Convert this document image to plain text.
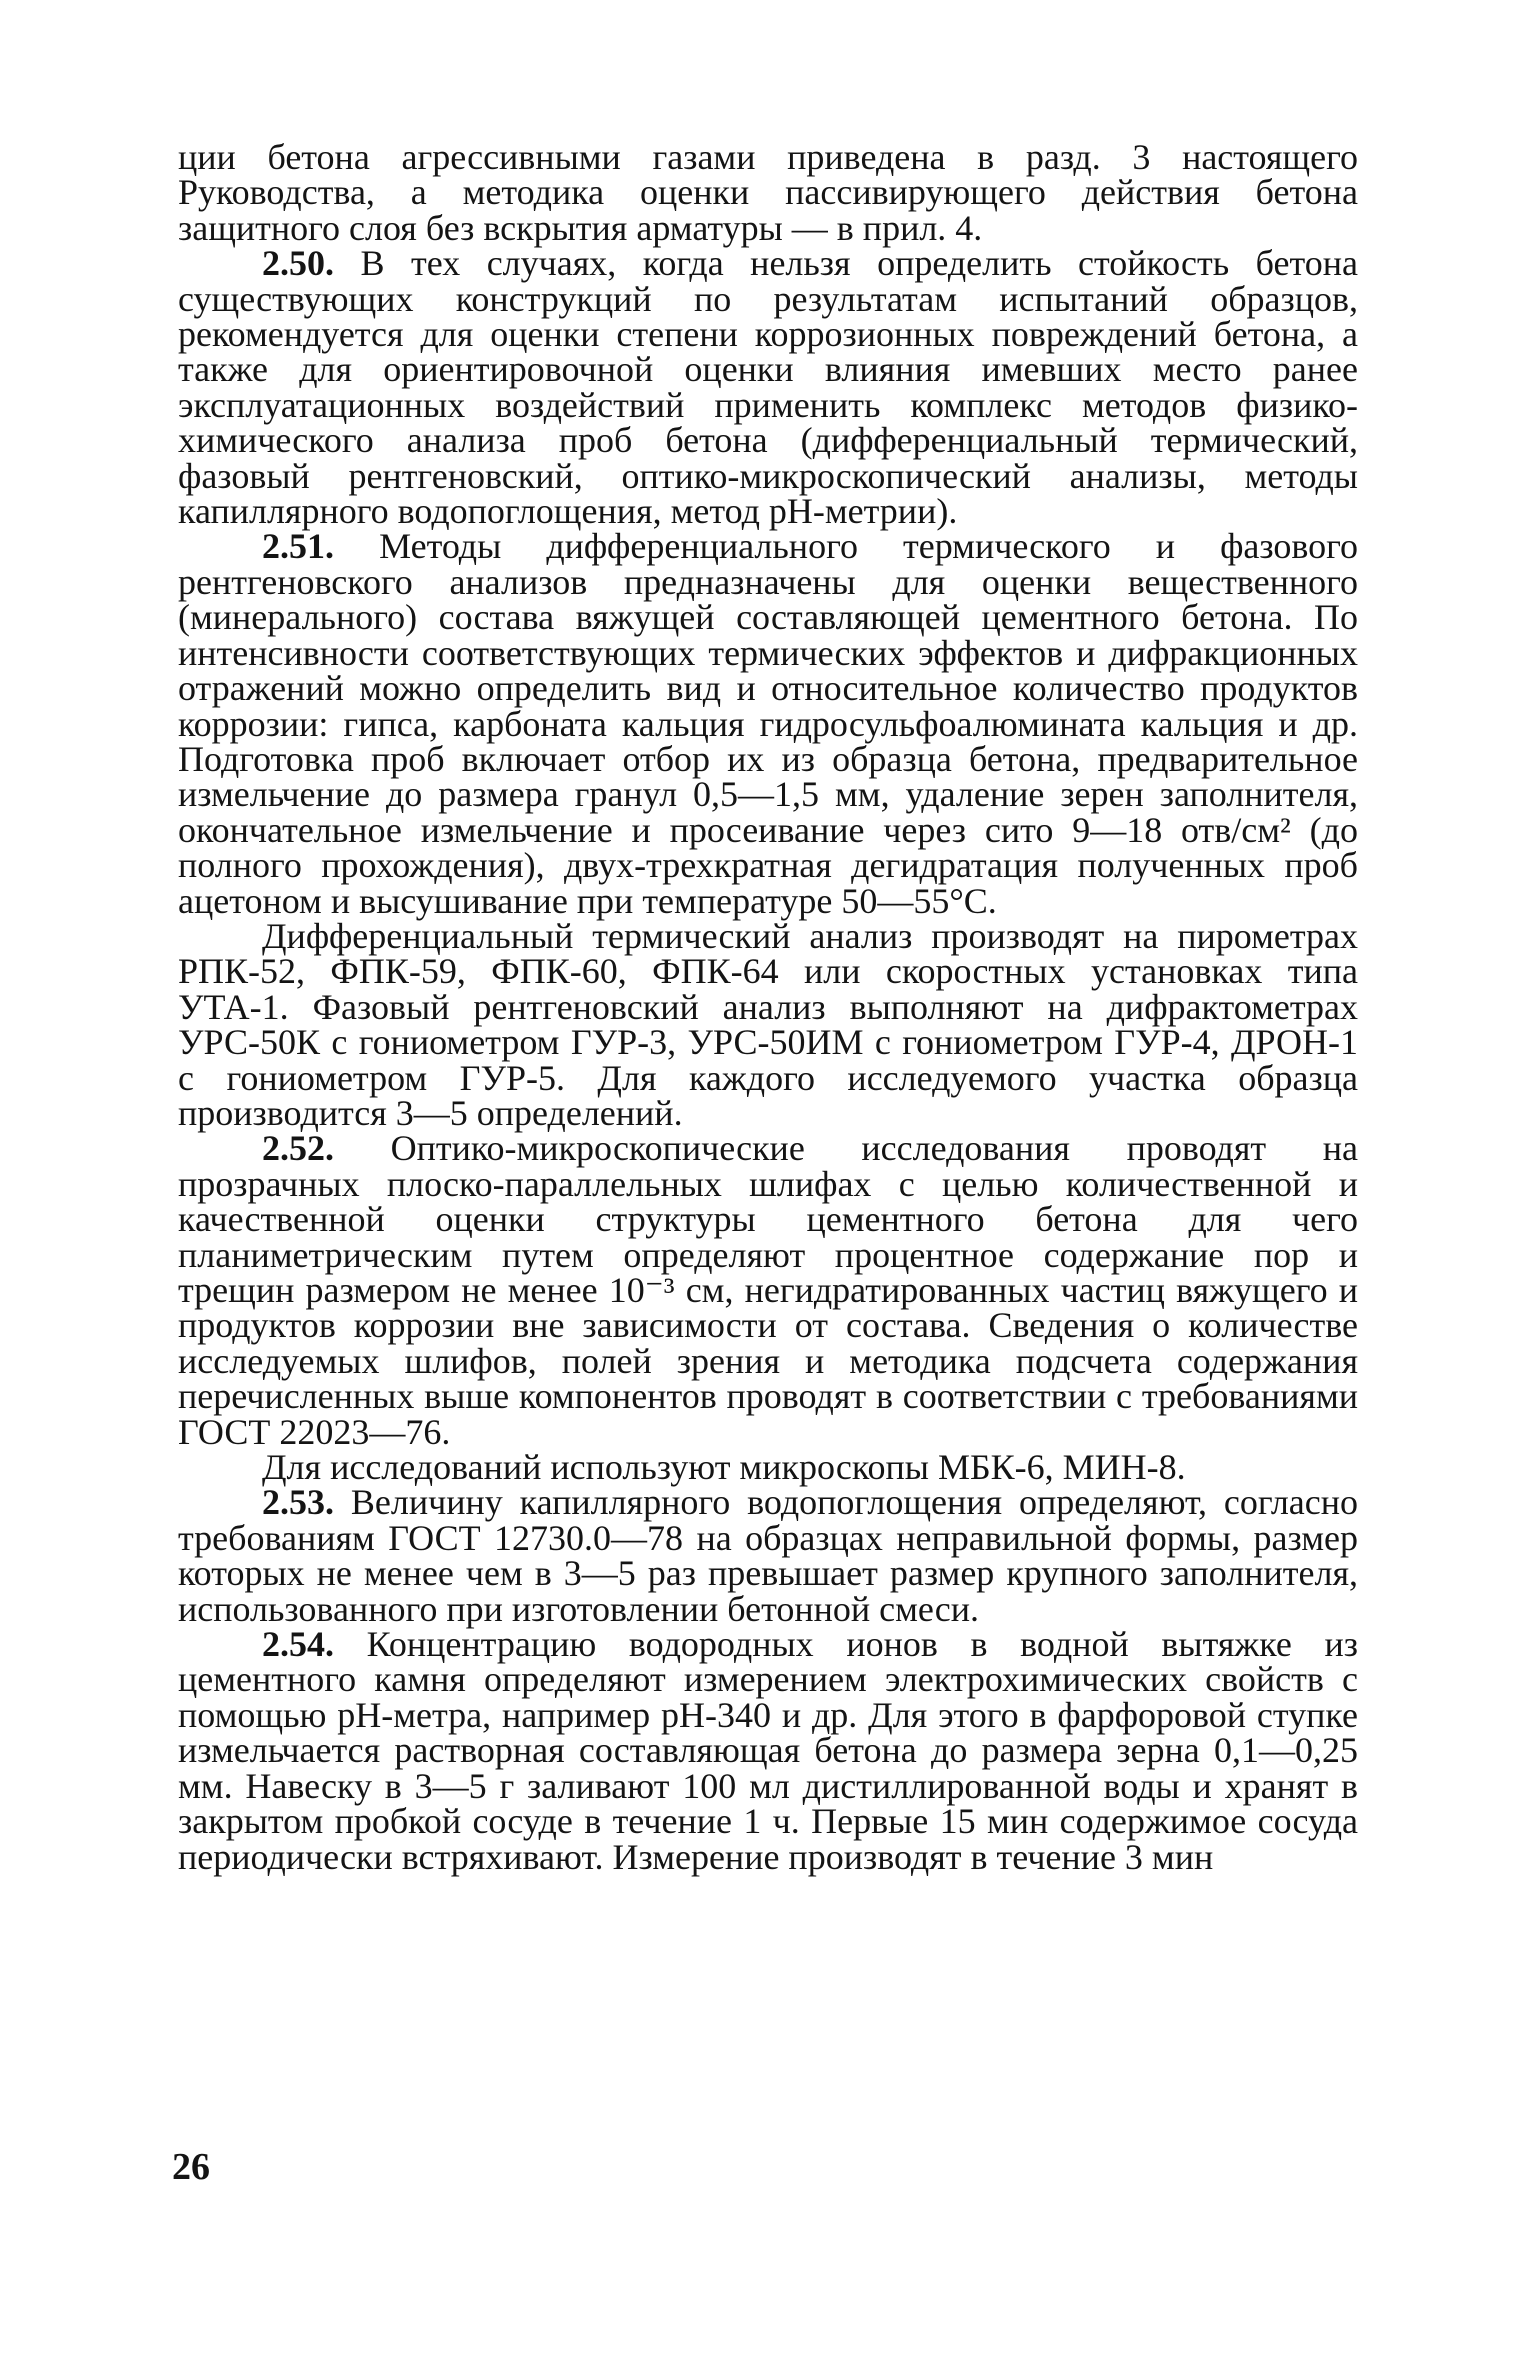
ции бетона агрессивными газами приведена в разд. 3 настоящего Руководства, а методика оценки пассивирующего действия бетона защитного слоя без вскрытия арматуры — в прил. 4.

2.50. В тех случаях, когда нельзя определить стойкость бетона существующих конструкций по результатам испытаний образцов, рекомендуется для оценки степени коррозионных повреждений бетона, а также для ориентировочной оценки влияния имевших место ранее эксплуатационных воздействий применить комплекс методов физико-химического анализа проб бетона (дифференциальный термический, фазовый рентгеновский, оптико-микроскопический анализы, методы капиллярного водопоглощения, метод pH-метрии).

2.51. Методы дифференциального термического и фазового рентгеновского анализов предназначены для оценки вещественного (минерального) состава вяжущей составляющей цементного бетона. По интенсивности соответствующих термических эффектов и дифракционных отражений можно определить вид и относительное количество продуктов коррозии: гипса, карбоната кальция гидросульфоалюмината кальция и др. Подготовка проб включает отбор их из образца бетона, предварительное измельчение до размера гранул 0,5—1,5 мм, удаление зерен заполнителя, окончательное измельчение и просеивание через сито 9—18 отв/см² (до полного прохождения), двух-трехкратная дегидратация полученных проб ацетоном и высушивание при температуре 50—55°С.

Дифференциальный термический анализ производят на пирометрах РПК-52, ФПК-59, ФПК-60, ФПК-64 или скоростных установках типа УТА-1. Фазовый рентгеновский анализ выполняют на дифрактометрах УРС-50К с гониометром ГУР-3, УРС-50ИМ с гониометром ГУР-4, ДРОН-1 с гониометром ГУР-5. Для каждого исследуемого участка образца производится 3—5 определений.

2.52. Оптико-микроскопические исследования проводят на прозрачных плоско-параллельных шлифах с целью количественной и качественной оценки структуры цементного бетона для чего планиметрическим путем определяют процентное содержание пор и трещин размером не менее 10⁻³ см, негидратированных частиц вяжущего и продуктов коррозии вне зависимости от состава. Сведения о количестве исследуемых шлифов, полей зрения и методика подсчета содержания перечисленных выше компонентов проводят в соответствии с требованиями ГОСТ 22023—76.

Для исследований используют микроскопы МБК-6, МИН-8.

2.53. Величину капиллярного водопоглощения определяют, согласно требованиям ГОСТ 12730.0—78 на образцах неправильной формы, размер которых не менее чем в 3—5 раз превышает размер крупного заполнителя, использованного при изготовлении бетонной смеси.

2.54. Концентрацию водородных ионов в водной вытяжке из цементного камня определяют измерением электрохимических свойств с помощью pH-метра, например pH-340 и др. Для этого в фарфоровой ступке измельчается растворная составляющая бетона до размера зерна 0,1—0,25 мм. Навеску в 3—5 г заливают 100 мл дистиллированной воды и хранят в закрытом пробкой сосуде в течение 1 ч. Первые 15 мин содержимое сосуда периодически встряхивают. Измерение производят в течение 3 мин

26
